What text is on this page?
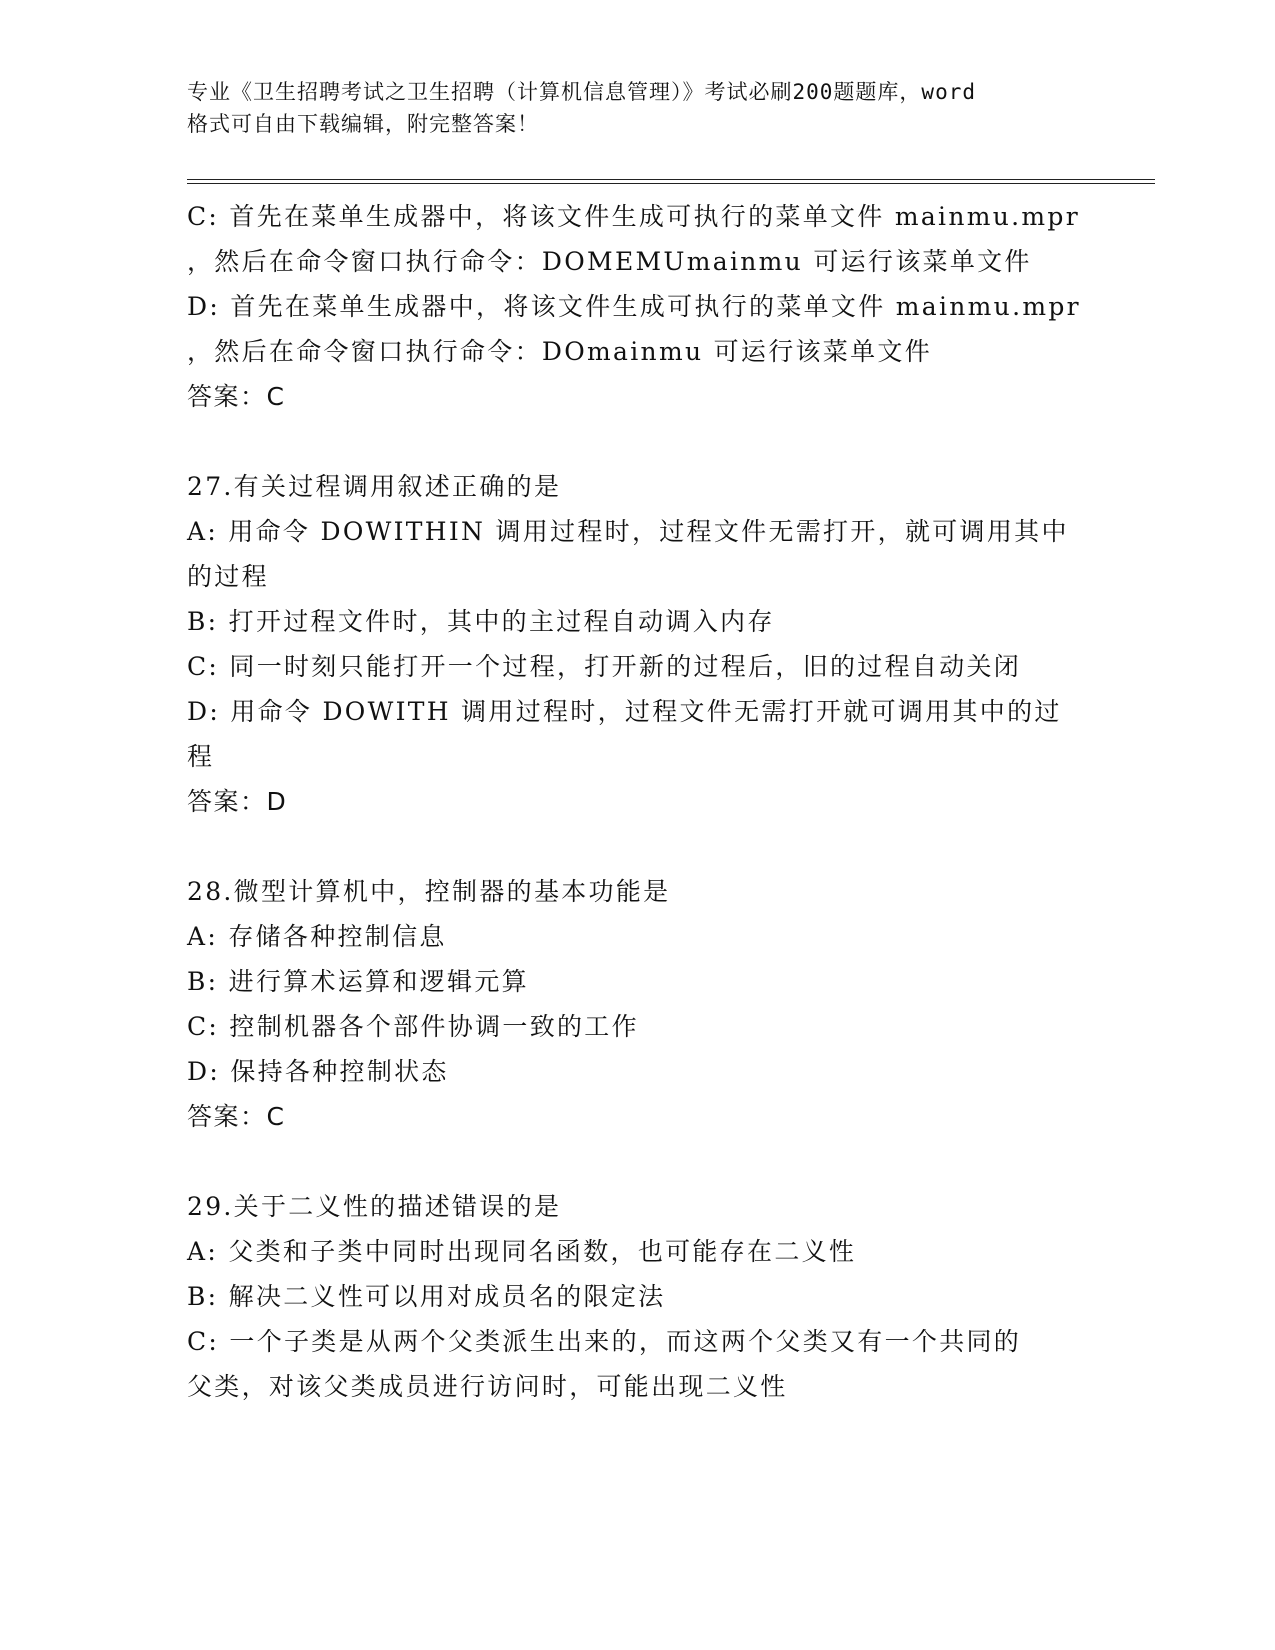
专业《卫生招聘考试之卫生招聘（计算机信息管理）》考试必刷200题题库，word
格式可自由下载编辑，附完整答案！
C: 首先在菜单生成器中，将该文件生成可执行的菜单文件 mainmu.mpr
，然后在命令窗口执行命令：DOMEMUmainmu 可运行该菜单文件
D: 首先在菜单生成器中，将该文件生成可执行的菜单文件 mainmu.mpr
，然后在命令窗口执行命令：DOmainmu 可运行该菜单文件
答案：C
27.有关过程调用叙述正确的是
A: 用命令 DOWITHIN 调用过程时，过程文件无需打开，就可调用其中
的过程
B: 打开过程文件时，其中的主过程自动调入内存
C: 同一时刻只能打开一个过程，打开新的过程后，旧的过程自动关闭
D: 用命令 DOWITH 调用过程时，过程文件无需打开就可调用其中的过
程
答案：D
28.微型计算机中，控制器的基本功能是
A: 存储各种控制信息
B: 进行算术运算和逻辑元算
C: 控制机器各个部件协调一致的工作
D: 保持各种控制状态
答案：C
29.关于二义性的描述错误的是
A: 父类和子类中同时出现同名函数，也可能存在二义性
B: 解决二义性可以用对成员名的限定法
C: 一个子类是从两个父类派生出来的，而这两个父类又有一个共同的
父类，对该父类成员进行访问时，可能出现二义性
